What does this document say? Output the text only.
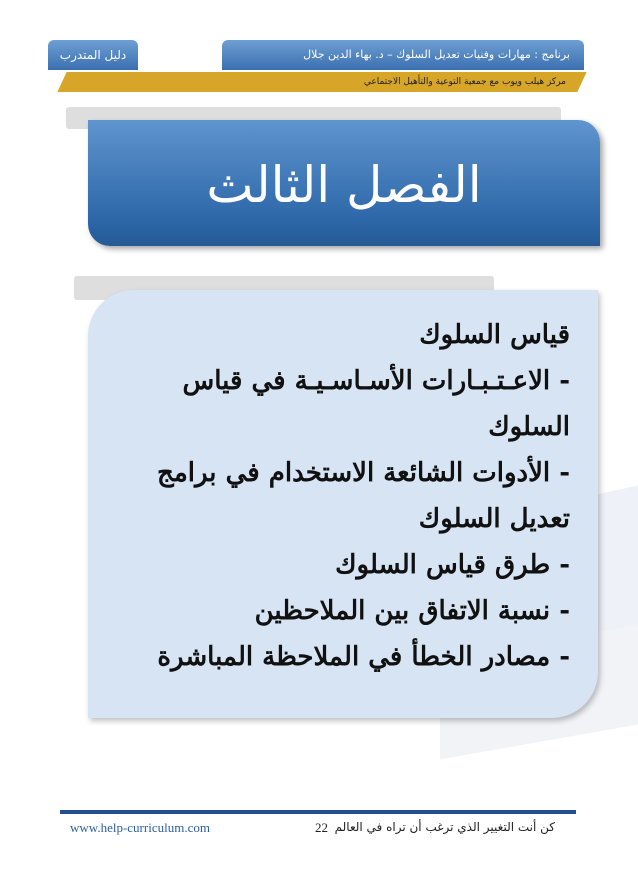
دليل المتدرب	برنامج : مهارات وفنيات تعديل السلوك – د. بهاء الدين جلال
مركز هيلب ويوب مع جمعية التوعية والتأهيل الاجتماعي
الفصل الثالث
قياس السلوك
- الاعـتـبـارات الأسـاسـيـة في قياس
السلوك
- الأدوات الشائعة الاستخدام في برامج
تعديل السلوك
- طرق قياس السلوك
- نسبة الاتفاق بين الملاحظين
- مصادر الخطأ في الملاحظة المباشرة
www.help-curriculum.com	22 كن أنت التغيير الذي ترغب أن تراه في العالم
